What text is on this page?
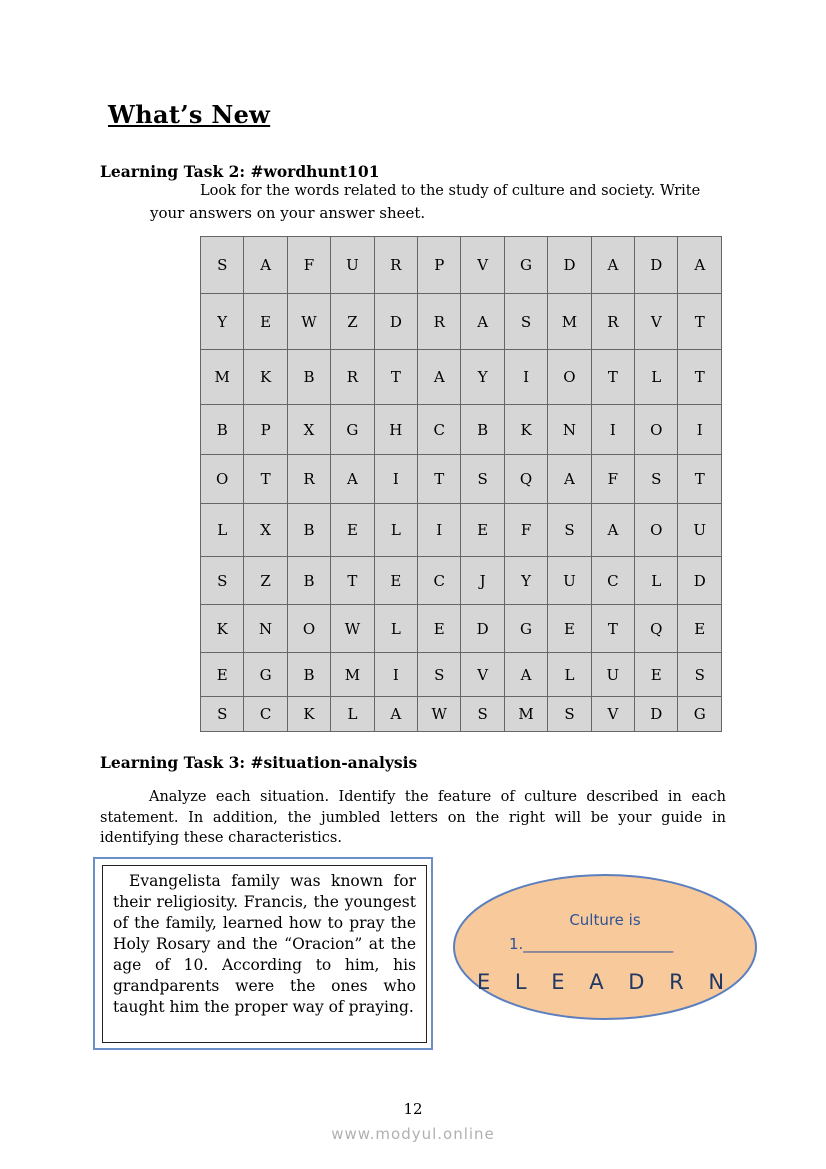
What’s New
Learning Task 2: #wordhunt101
Look for the words related to the study of culture and society. Write
your answers on your answer sheet.
S	A	F	U	R	P	V	G	D	A	D	A
Y	E	W	Z	D	R	A	S	M	R	V	T
M	K	B	R	T	A	Y	I	O	T	L	T
B	P	X	G	H	C	B	K	N	I	O	I
O	T	R	A	I	T	S	Q	A	F	S	T
L	X	B	E	L	I	E	F	S	A	O	U
S	Z	B	T	E	C	J	Y	U	C	L	D
K	N	O	W	L	E	D	G	E	T	Q	E
E	G	B	M	I	S	V	A	L	U	E	S
S	C	K	L	A	W	S	M	S	V	D	G
Learning Task 3: #situation-analysis
Analyze each situation. Identify the feature of culture described in each statement. In addition, the jumbled letters on the right will be your guide in identifying these characteristics.
Evangelista family was known for their religiosity. Francis, the youngest of the family, learned how to pray the Holy Rosary and the “Oracion” at the age of 10. According to him, his grandparents were the ones who taught him the proper way of praying.
Culture is
1.____________________
E L E A D R N
12
www.modyul.online
